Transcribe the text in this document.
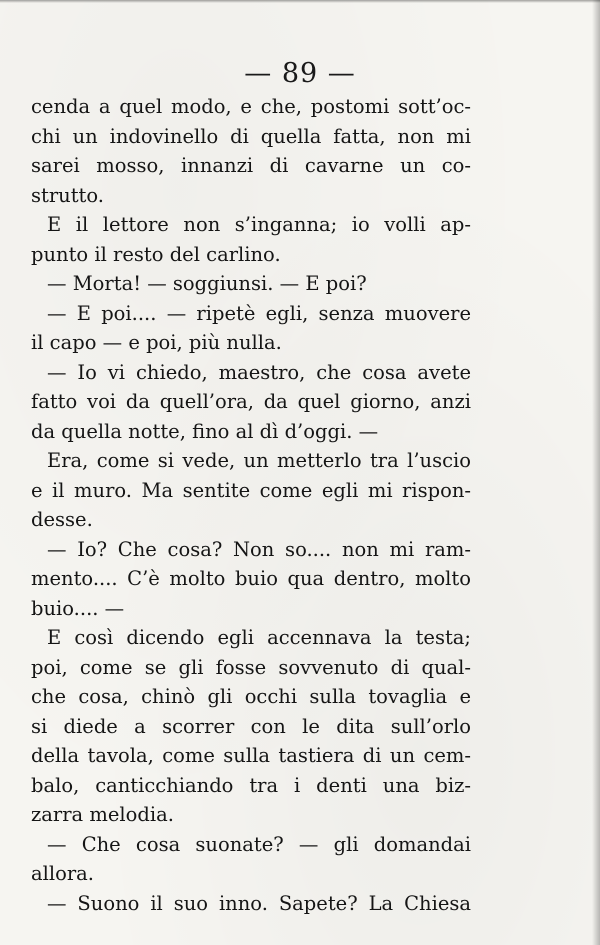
— 89 —
cenda a quel modo, e che, postomi sott’oc-
chi un indovinello di quella fatta, non mi
sarei mosso, innanzi di cavarne un co-
strutto.
E il lettore non s’inganna; io volli ap-
punto il resto del carlino.
— Morta! — soggiunsi. — E poi?
— E poi.... — ripetè egli, senza muovere
il capo — e poi, più nulla.
— Io vi chiedo, maestro, che cosa avete
fatto voi da quell’ora, da quel giorno, anzi
da quella notte, fino al dì d’oggi. —
Era, come si vede, un metterlo tra l’uscio
e il muro. Ma sentite come egli mi rispon-
desse.
— Io? Che cosa? Non so.... non mi ram-
mento.... C’è molto buio qua dentro, molto
buio.... —
E così dicendo egli accennava la testa;
poi, come se gli fosse sovvenuto di qual-
che cosa, chinò gli occhi sulla tovaglia e
si diede a scorrer con le dita sull’orlo
della tavola, come sulla tastiera di un cem-
balo, canticchiando tra i denti una biz-
zarra melodia.
— Che cosa suonate? — gli domandai
allora.
— Suono il suo inno. Sapete? La Chiesa
